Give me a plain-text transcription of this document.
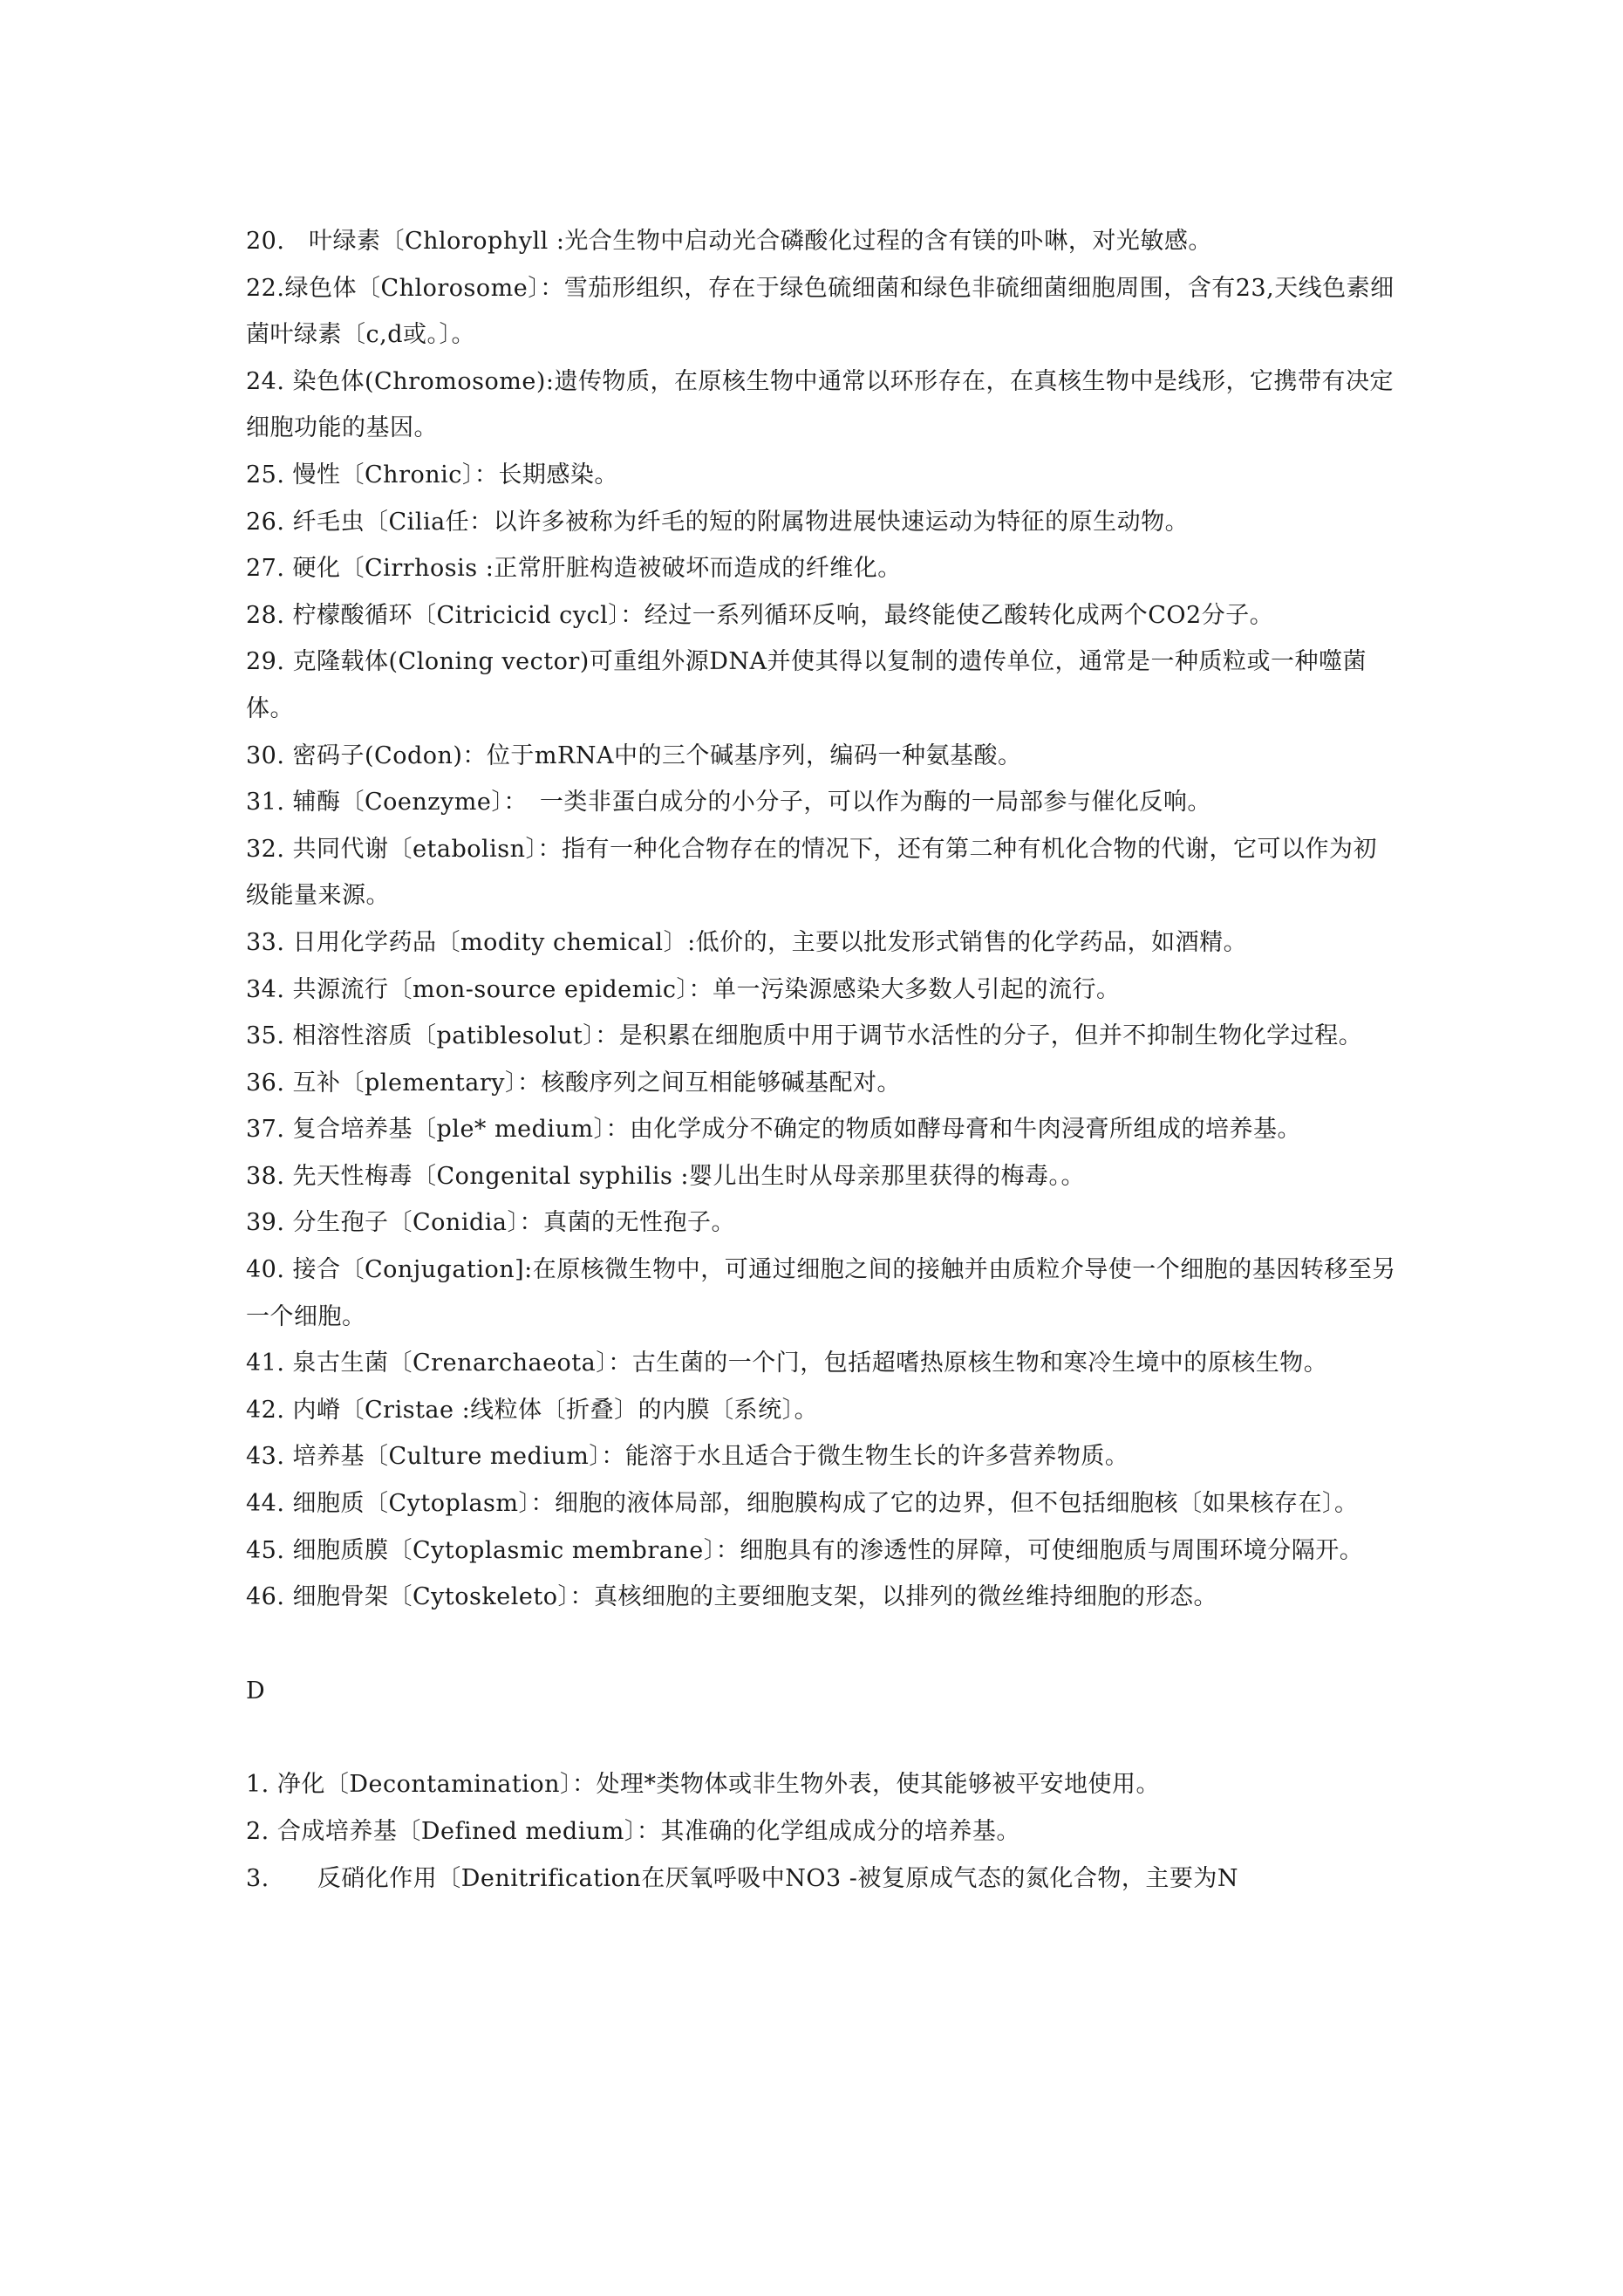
20.　叶绿素〔Chlorophyll :光合生物中启动光合磷酸化过程的含有镁的卟啉，对光敏感。

22.绿色体〔Chlorosome〕：雪茄形组织，存在于绿色硫细菌和绿色非硫细菌细胞周围，含有23,天线色素细菌叶绿素〔c,d或。〕。

24. 染色体(Chromosome):遗传物质，在原核生物中通常以环形存在，在真核生物中是线形，它携带有决定细胞功能的基因。

25. 慢性〔Chronic〕：长期感染。

26. 纤毛虫〔Cilia任：以许多被称为纤毛的短的附属物进展快速运动为特征的原生动物。

27. 硬化〔Cirrhosis :正常肝脏构造被破坏而造成的纤维化。

28. 柠檬酸循环〔Citricicid cycl〕：经过一系列循环反响，最终能使乙酸转化成两个CO2分子。

29. 克隆载体(Cloning vector)可重组外源DNA并使其得以复制的遗传单位，通常是一种质粒或一种噬菌体。

30. 密码子(Codon)：位于mRNA中的三个碱基序列，编码一种氨基酸。

31. 辅酶〔Coenzyme〕：　一类非蛋白成分的小分子，可以作为酶的一局部参与催化反响。

32. 共同代谢〔etabolisn〕：指有一种化合物存在的情况下，还有第二种有机化合物的代谢，它可以作为初级能量来源。

33. 日用化学药品〔modity chemical〕:低价的，主要以批发形式销售的化学药品，如酒精。

34. 共源流行〔mon-source epidemic〕：单一污染源感染大多数人引起的流行。

35. 相溶性溶质〔patiblesolut〕：是积累在细胞质中用于调节水活性的分子，但并不抑制生物化学过程。

36. 互补〔plementary〕：核酸序列之间互相能够碱基配对。

37. 复合培养基〔ple* medium〕：由化学成分不确定的物质如酵母膏和牛肉浸膏所组成的培养基。

38. 先天性梅毒〔Congenital syphilis :婴儿出生时从母亲那里获得的梅毒。。

39. 分生孢子〔Conidia〕：真菌的无性孢子。

40. 接合〔Conjugation]:在原核微生物中，可通过细胞之间的接触并由质粒介导使一个细胞的基因转移至另一个细胞。

41. 泉古生菌〔Crenarchaeota〕：古生菌的一个门，包括超嗜热原核生物和寒冷生境中的原核生物。

42. 内嵴〔Cristae :线粒体〔折叠〕的内膜〔系统〕。

43. 培养基〔Culture medium〕：能溶于水且适合于微生物生长的许多营养物质。

44. 细胞质〔Cytoplasm〕：细胞的液体局部，细胞膜构成了它的边界，但不包括细胞核〔如果核存在〕。

45. 细胞质膜〔Cytoplasmic membrane〕：细胞具有的渗透性的屏障，可使细胞质与周围环境分隔开。

46. 细胞骨架〔Cytoskeleto〕：真核细胞的主要细胞支架，以排列的微丝维持细胞的形态。

D

1. 净化〔Decontamination〕：处理*类物体或非生物外表，使其能够被平安地使用。

2. 合成培养基〔Defined medium〕：其准确的化学组成成分的培养基。

3.　　反硝化作用〔Denitrification在厌氧呼吸中NO3 -被复原成气态的氮化合物，主要为N
